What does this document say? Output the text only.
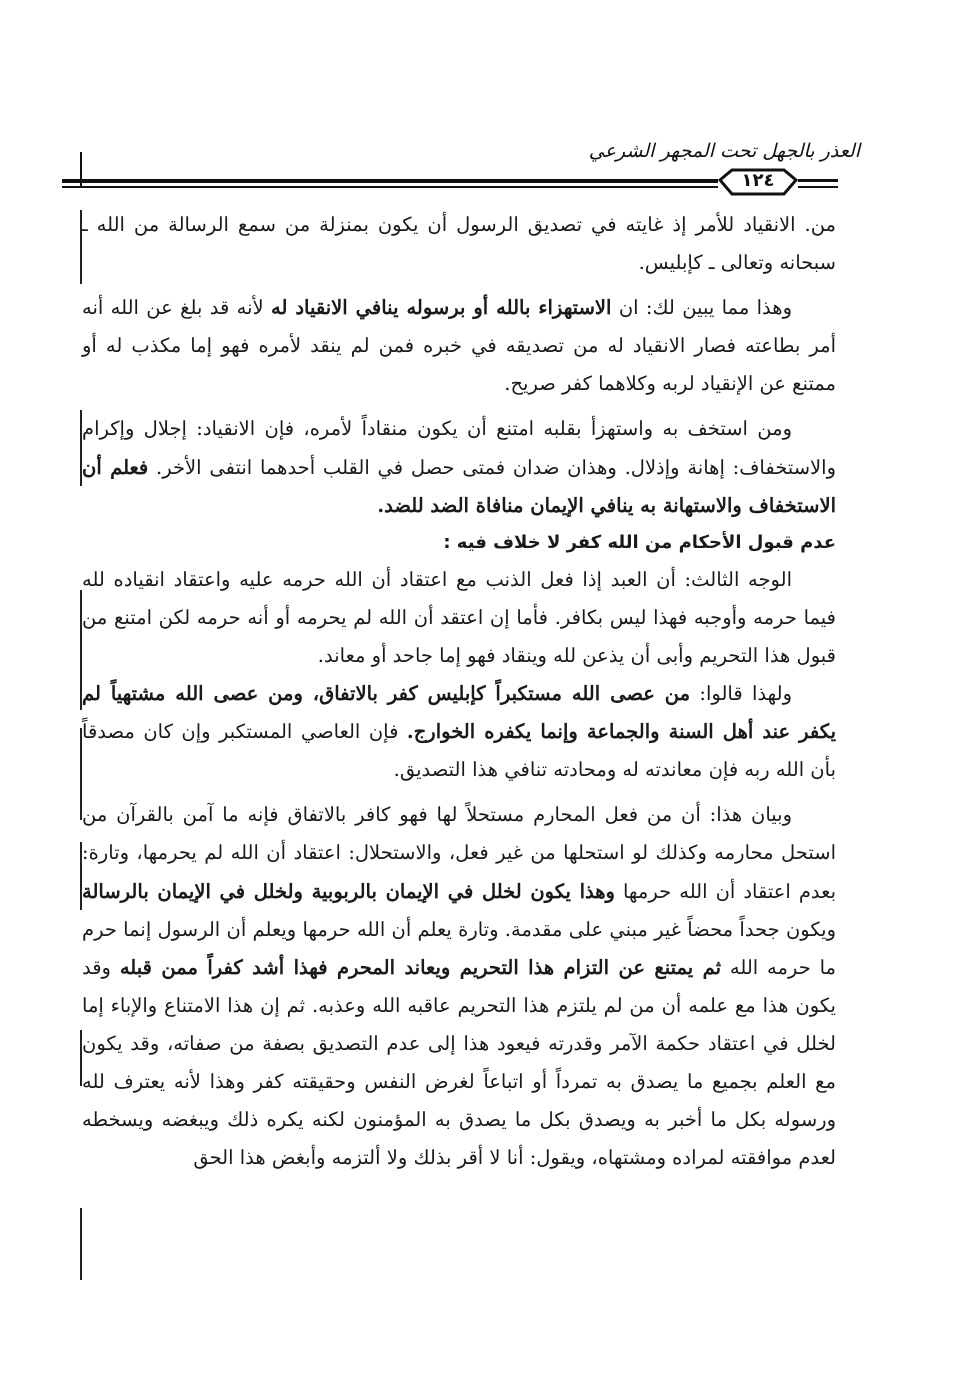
العذر بالجهل تحت المجهر الشرعي
١٢٤

من. الانقياد للأمر إذ غايته في تصديق الرسول أن يكون بمنزلة من سمع الرسالة من الله ـ سبحانه وتعالى ـ كإبليس.

وهذا مما يبين لك: ان الاستهزاء بالله أو برسوله ينافي الانقياد له لأنه قد بلغ عن الله أنه أمر بطاعته فصار الانقياد له من تصديقه في خبره فمن لم ينقد لأمره فهو إما مكذب له أو ممتنع عن الإنقياد لربه وكلاهما كفر صريح.

ومن استخف به واستهزأ بقلبه امتنع أن يكون منقاداً لأمره، فإن الانقياد: إجلال وإكرام والاستخفاف: إهانة وإذلال. وهذان ضدان فمتى حصل في القلب أحدهما انتفى الأخر. فعلم أن الاستخفاف والاستهانة به ينافي الإيمان منافاة الضد للضد.

عدم قبول الأحكام من الله كفر لا خلاف فيه :

الوجه الثالث: أن العبد إذا فعل الذنب مع اعتقاد أن الله حرمه عليه واعتقاد انقياده لله فيما حرمه وأوجبه فهذا ليس بكافر. فأما إن اعتقد أن الله لم يحرمه أو أنه حرمه لكن امتنع من قبول هذا التحريم وأبى أن يذعن لله وينقاد فهو إما جاحد أو معاند.

ولهذا قالوا: من عصى الله مستكبراً كإبليس كفر بالاتفاق، ومن عصى الله مشتهياً لم يكفر عند أهل السنة والجماعة وإنما يكفره الخوارج. فإن العاصي المستكبر وإن كان مصدقاً بأن الله ربه فإن معاندته له ومحادته تنافي هذا التصديق.

وبيان هذا: أن من فعل المحارم مستحلاً لها فهو كافر بالاتفاق فإنه ما آمن بالقرآن من استحل محارمه وكذلك لو استحلها من غير فعل، والاستحلال: اعتقاد أن الله لم يحرمها، وتارة: بعدم اعتقاد أن الله حرمها وهذا يكون لخلل في الإيمان بالربوبية ولخلل في الإيمان بالرسالة ويكون جحداً محضاً غير مبني على مقدمة. وتارة يعلم أن الله حرمها ويعلم أن الرسول إنما حرم ما حرمه الله ثم يمتنع عن التزام هذا التحريم ويعاند المحرم فهذا أشد كفراً ممن قبله وقد يكون هذا مع علمه أن من لم يلتزم هذا التحريم عاقبه الله وعذبه. ثم إن هذا الامتناع والإباء إما لخلل في اعتقاد حكمة الآمر وقدرته فيعود هذا إلى عدم التصديق بصفة من صفاته، وقد يكون مع العلم بجميع ما يصدق به تمرداً أو اتباعاً لغرض النفس وحقيقته كفر وهذا لأنه يعترف لله ورسوله بكل ما أخبر به ويصدق بكل ما يصدق به المؤمنون لكنه يكره ذلك ويبغضه ويسخطه لعدم موافقته لمراده ومشتهاه، ويقول: أنا لا أقر بذلك ولا ألتزمه وأبغض هذا الحق
